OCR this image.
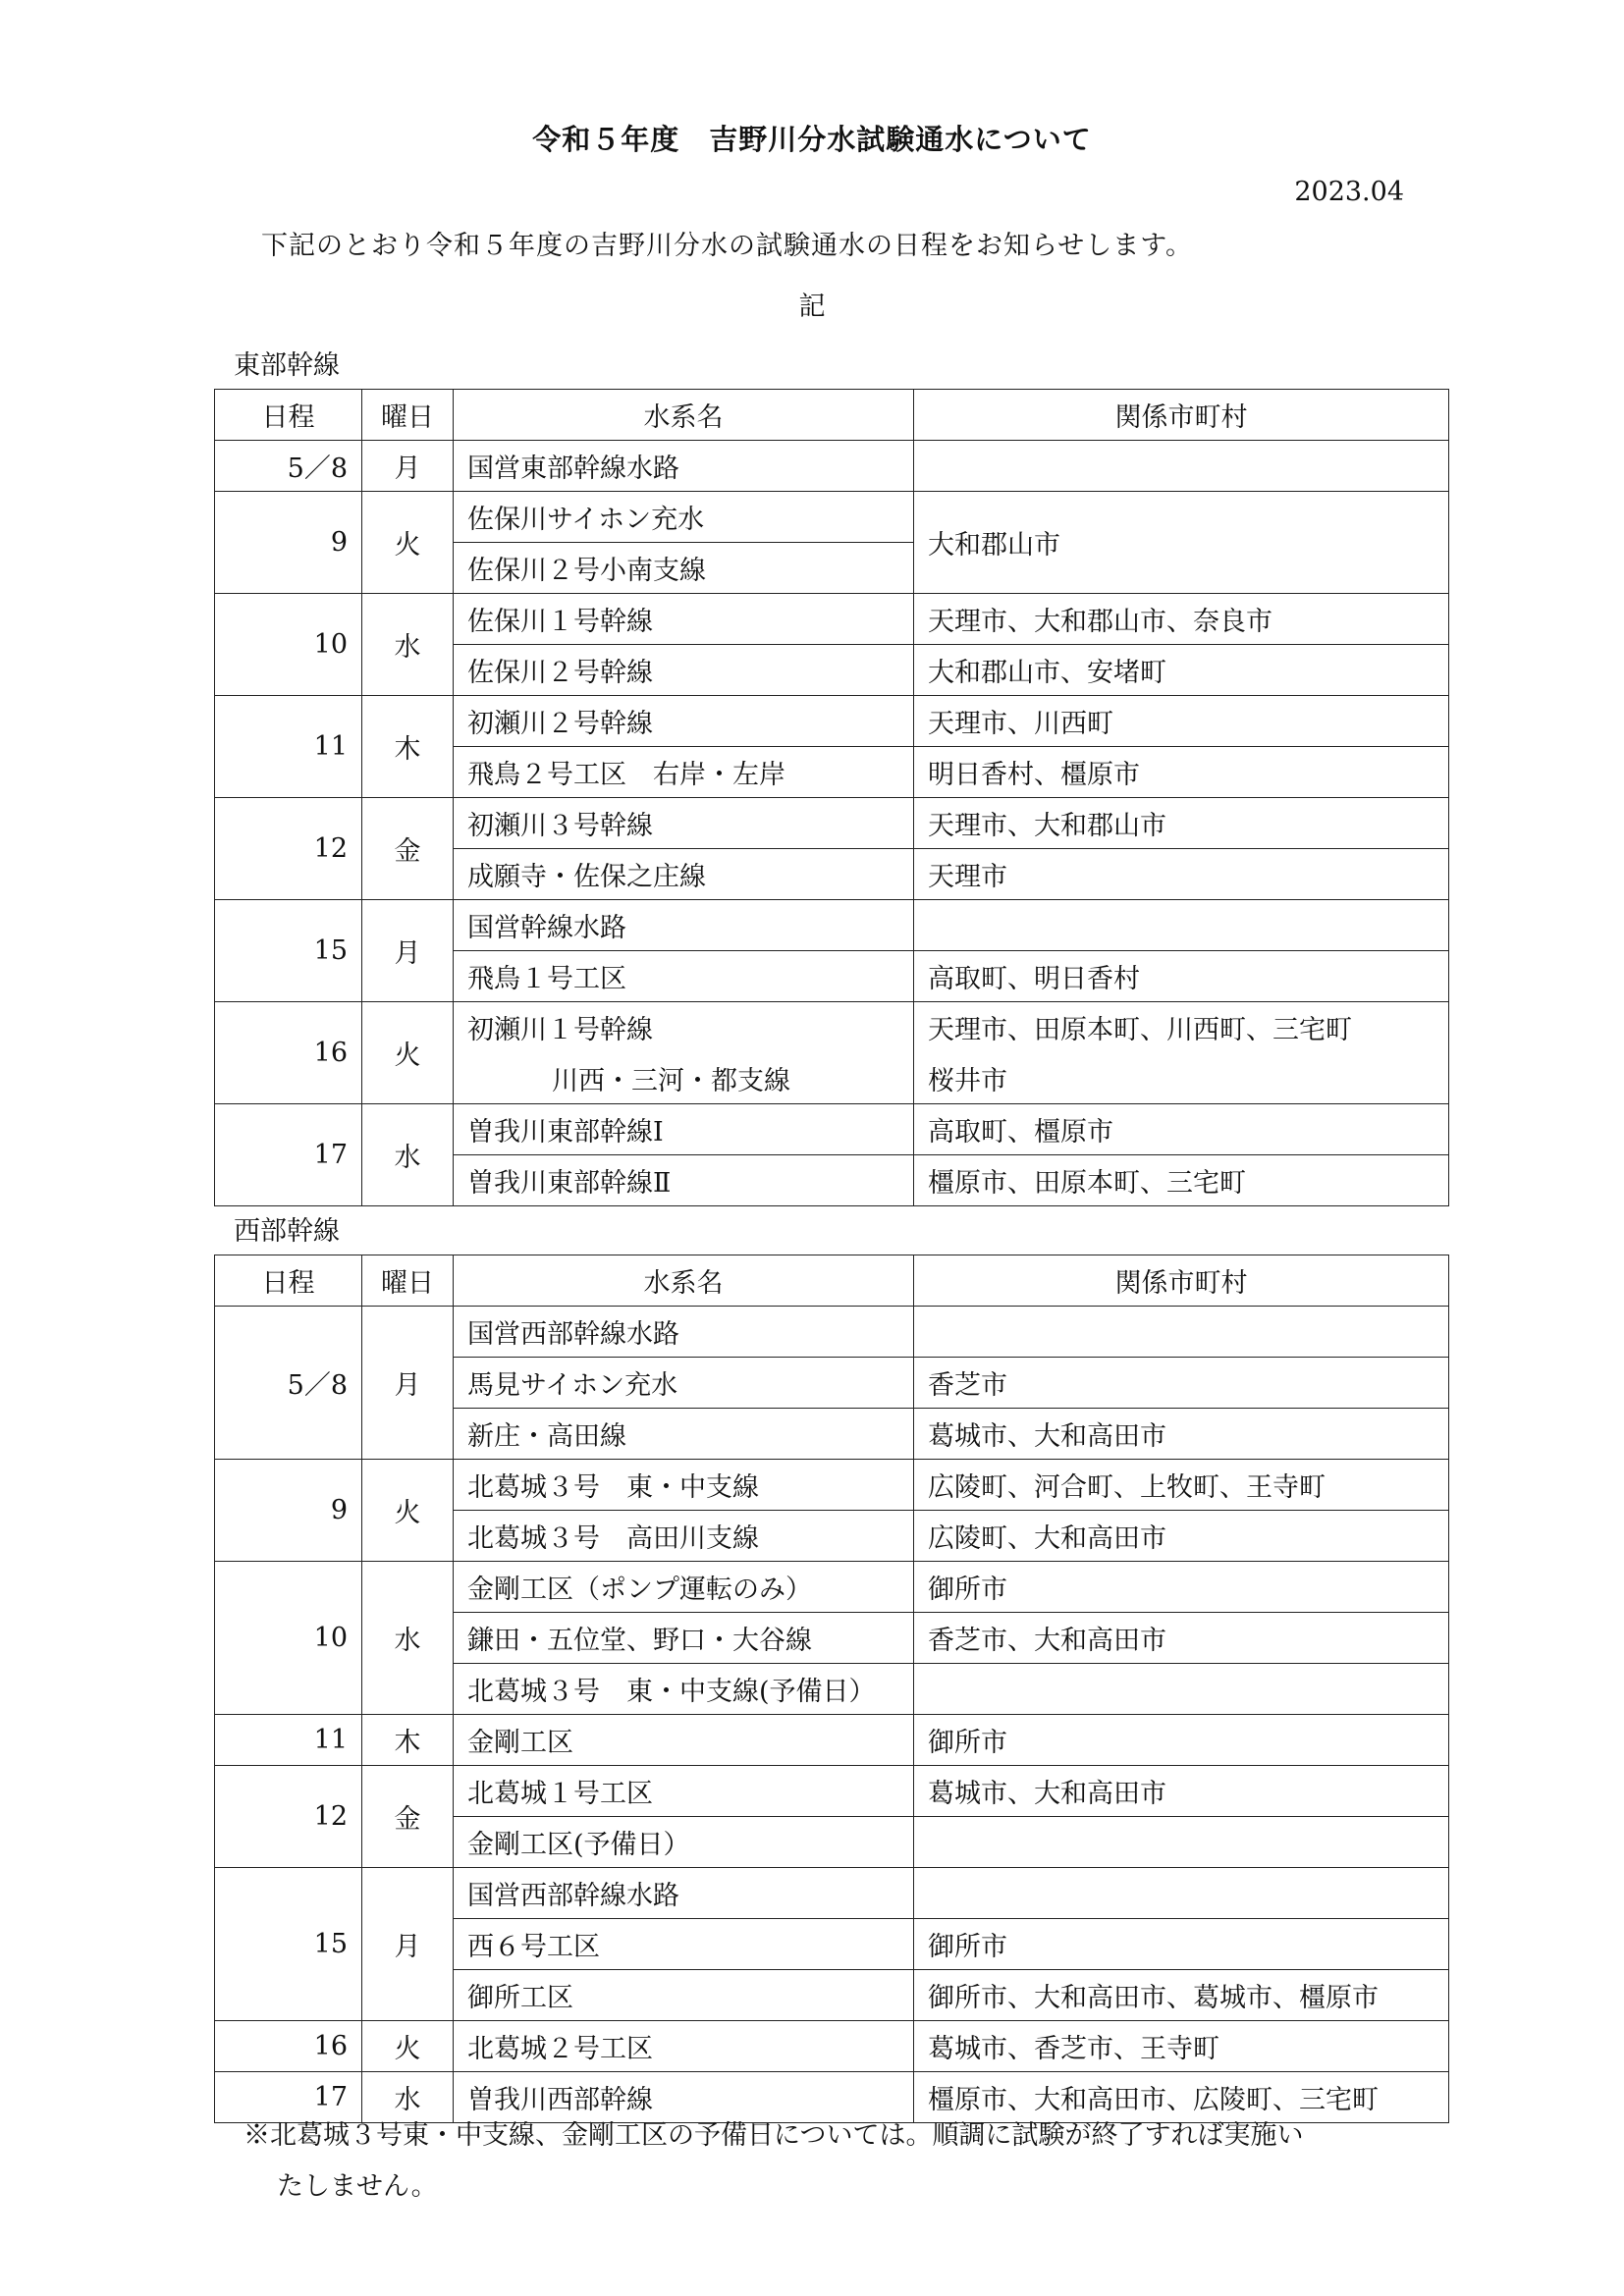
令和５年度　吉野川分水試験通水について
2023.04
下記のとおり令和５年度の吉野川分水の試験通水の日程をお知らせします。
記
東部幹線
日程	曜日	水系名	関係市町村
5／8	月	国営東部幹線水路	
9	火	佐保川サイホン充水	大和郡山市
		佐保川２号小南支線	
10	水	佐保川１号幹線	天理市、大和郡山市、奈良市
		佐保川２号幹線	大和郡山市、安堵町
11	木	初瀬川２号幹線	天理市、川西町
		飛鳥２号工区　右岸・左岸	明日香村、橿原市
12	金	初瀬川３号幹線	天理市、大和郡山市
		成願寺・佐保之庄線	天理市
15	月	国営幹線水路	
		飛鳥１号工区	高取町、明日香村
16	火	初瀬川１号幹線	天理市、田原本町、川西町、三宅町
		川西・三河・都支線	桜井市
17	水	曽我川東部幹線Ⅰ	高取町、橿原市
		曽我川東部幹線Ⅱ	橿原市、田原本町、三宅町
西部幹線
日程	曜日	水系名	関係市町村
5／8	月	国営西部幹線水路	
		馬見サイホン充水	香芝市
		新庄・高田線	葛城市、大和高田市
9	火	北葛城３号　東・中支線	広陵町、河合町、上牧町、王寺町
		北葛城３号　高田川支線	広陵町、大和高田市
10	水	金剛工区（ポンプ運転のみ）	御所市
		鎌田・五位堂、野口・大谷線	香芝市、大和高田市
		北葛城３号　東・中支線(予備日）	
11	木	金剛工区	御所市
12	金	北葛城１号工区	葛城市、大和高田市
		金剛工区(予備日）	
15	月	国営西部幹線水路	
		西６号工区	御所市
		御所工区	御所市、大和高田市、葛城市、橿原市
16	火	北葛城２号工区	葛城市、香芝市、王寺町
17	水	曽我川西部幹線	橿原市、大和高田市、広陵町、三宅町
※北葛城３号東・中支線、金剛工区の予備日については。順調に試験が終了すれば実施い
たしません。
